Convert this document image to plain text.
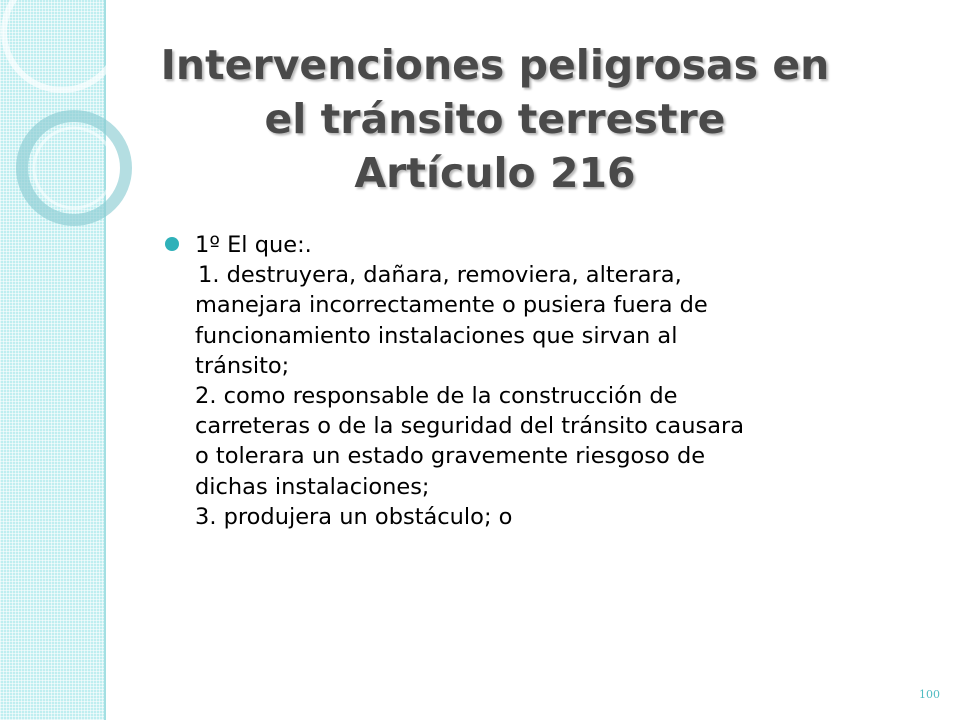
Intervenciones peligrosas en
el tránsito terrestre
Artículo 216
1º El que:.
1. destruyera, dañara, removiera, alterara,
manejara incorrectamente o pusiera fuera de
funcionamiento instalaciones que sirvan al
tránsito;
2. como responsable de la construcción de
carreteras o de la seguridad del tránsito causara
o tolerara un estado gravemente riesgoso de
dichas instalaciones;
3. produjera un obstáculo; o
100
